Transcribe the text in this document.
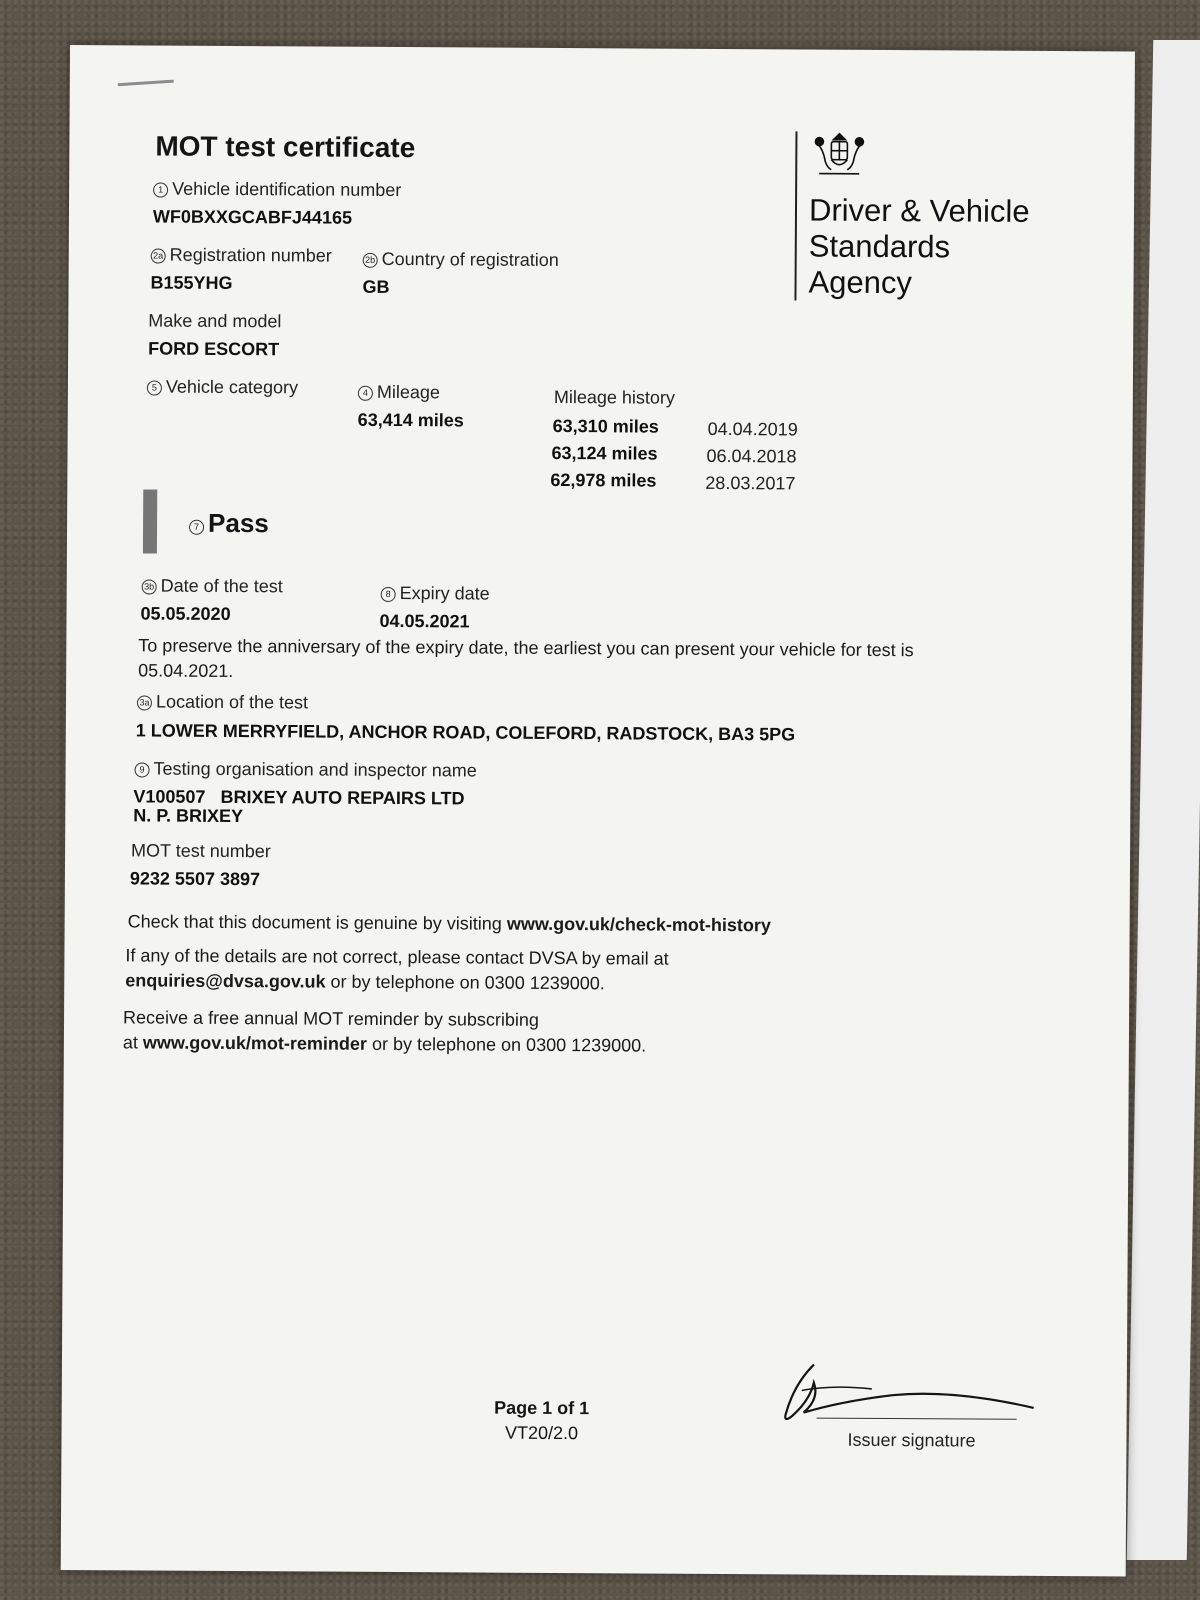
MOT test certificate
1 Vehicle identification number
WF0BXXGCABFJ44165
2a Registration number
B155YHG
2b Country of registration
GB
Make and model
FORD ESCORT
5 Vehicle category	4 Mileage
63,414 miles
Mileage history
63,310 miles	04.04.2019
63,124 miles	06.04.2018
62,978 miles	28.03.2017
7 Pass
3b Date of the test
05.05.2020
8 Expiry date
04.05.2021
To preserve the anniversary of the expiry date, the earliest you can present your vehicle for test is
05.04.2021.
3a Location of the test
1 LOWER MERRYFIELD, ANCHOR ROAD, COLEFORD, RADSTOCK, BA3 5PG
9 Testing organisation and inspector name
V100507 BRIXEY AUTO REPAIRS LTD
N. P. BRIXEY
MOT test number
9232 5507 3897
Check that this document is genuine by visiting www.gov.uk/check-mot-history
If any of the details are not correct, please contact DVSA by email at
enquiries@dvsa.gov.uk or by telephone on 0300 1239000.
Receive a free annual MOT reminder by subscribing
at www.gov.uk/mot-reminder or by telephone on 0300 1239000.
Driver & Vehicle
Standards
Agency
Page 1 of 1
VT20/2.0	Issuer signature
